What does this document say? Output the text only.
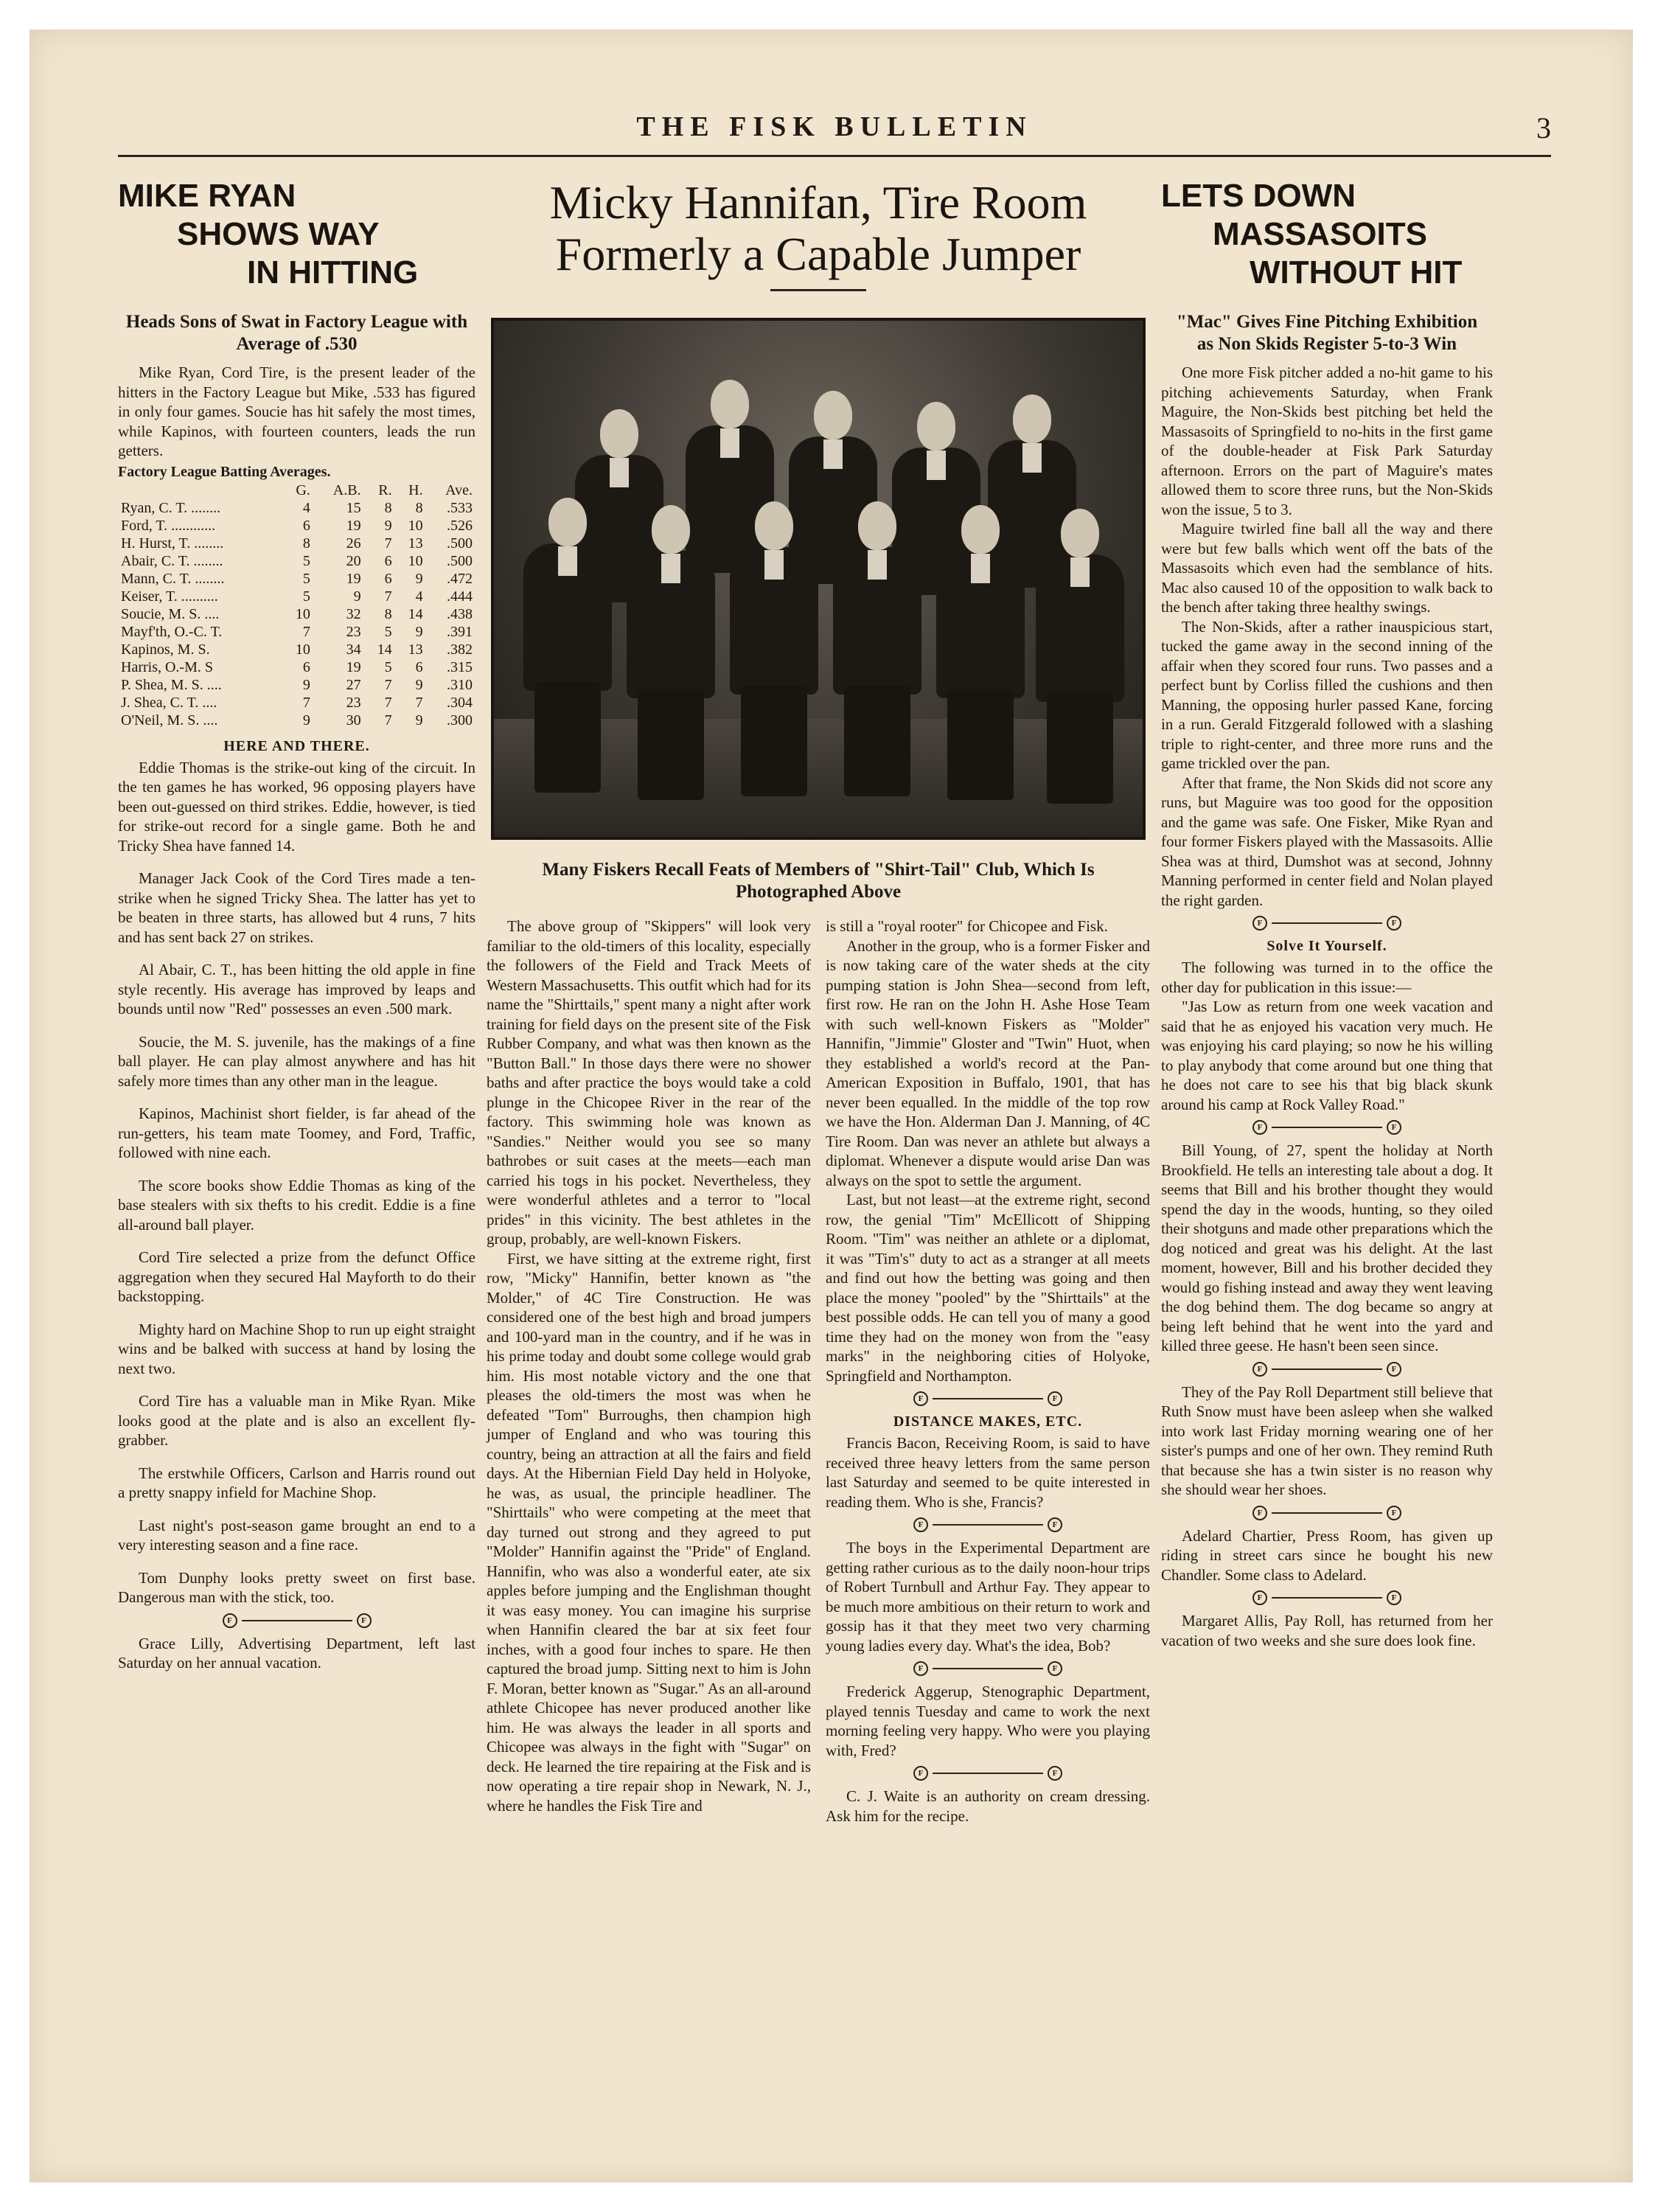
THE FISK BULLETIN	3
MIKE RYAN
SHOWS WAY
IN HITTING
Heads Sons of Swat in Factory League with Average of .530

Mike Ryan, Cord Tire, is the present leader of the hitters in the Factory League but Mike, .533 has figured in only four games. Soucie has hit safely the most times, while Kapinos, with fourteen counters, leads the run getters.

Factory League Batting Averages.
	G.	A.B.	R.	H.	Ave.
Ryan, C. T. ........	4	15	8	8	.533
Ford, T. ............	6	19	9	10	.526
H. Hurst, T. ........	8	26	7	13	.500
Abair, C. T. ........	5	20	6	10	.500
Mann, C. T. ........	5	19	6	9	.472
Keiser, T. ..........	5	9	7	4	.444
Soucie, M. S. ....	10	32	8	14	.438
Mayf'th, O.-C. T.	7	23	5	9	.391
Kapinos, M. S.	10	34	14	13	.382
Harris, O.-M. S	6	19	5	6	.315
P. Shea, M. S. ....	9	27	7	9	.310
J. Shea, C. T. ....	7	23	7	7	.304
O'Neil, M. S. ....	9	30	7	9	.300
HERE AND THERE.

Eddie Thomas is the strike-out king of the circuit. In the ten games he has worked, 96 opposing players have been out-guessed on third strikes. Eddie, however, is tied for strike-out record for a single game. Both he and Tricky Shea have fanned 14.

Manager Jack Cook of the Cord Tires made a ten-strike when he signed Tricky Shea. The latter has yet to be beaten in three starts, has allowed but 4 runs, 7 hits and has sent back 27 on strikes.

Al Abair, C. T., has been hitting the old apple in fine style recently. His average has improved by leaps and bounds until now "Red" possesses an even .500 mark.

Soucie, the M. S. juvenile, has the makings of a fine ball player. He can play almost anywhere and has hit safely more times than any other man in the league.

Kapinos, Machinist short fielder, is far ahead of the run-getters, his team mate Toomey, and Ford, Traffic, followed with nine each.

The score books show Eddie Thomas as king of the base stealers with six thefts to his credit. Eddie is a fine all-around ball player.

Cord Tire selected a prize from the defunct Office aggregation when they secured Hal Mayforth to do their backstopping.

Mighty hard on Machine Shop to run up eight straight wins and be balked with success at hand by losing the next two.

Cord Tire has a valuable man in Mike Ryan. Mike looks good at the plate and is also an excellent fly-grabber.

The erstwhile Officers, Carlson and Harris round out a pretty snappy infield for Machine Shop.

Last night's post-season game brought an end to a very interesting season and a fine race.

Tom Dunphy looks pretty sweet on first base. Dangerous man with the stick, too.

F	F

Grace Lilly, Advertising Department, left last Saturday on her annual vacation.

Micky Hannifan, Tire Room
Formerly a Capable Jumper
Many Fiskers Recall Feats of Members of "Shirt-Tail" Club, Which Is Photographed Above

The above group of "Skippers" will look very familiar to the old-timers of this locality, especially the followers of the Field and Track Meets of Western Massachusetts. This outfit which had for its name the "Shirttails," spent many a night after work training for field days on the present site of the Fisk Rubber Company, and what was then known as the "Button Ball." In those days there were no shower baths and after practice the boys would take a cold plunge in the Chicopee River in the rear of the factory. This swimming hole was known as "Sandies." Neither would you see so many bathrobes or suit cases at the meets—each man carried his togs in his pocket. Nevertheless, they were wonderful athletes and a terror to "local prides" in this vicinity. The best athletes in the group, probably, are well-known Fiskers.

First, we have sitting at the extreme right, first row, "Micky" Hannifin, better known as "the Molder," of 4C Tire Construction. He was considered one of the best high and broad jumpers and 100-yard man in the country, and if he was in his prime today and doubt some college would grab him. His most notable victory and the one that pleases the old-timers the most was when he defeated "Tom" Burroughs, then champion high jumper of England and who was touring this country, being an attraction at all the fairs and field days. At the Hibernian Field Day held in Holyoke, he was, as usual, the principle headliner. The "Shirttails" who were competing at the meet that day turned out strong and they agreed to put "Molder" Hannifin against the "Pride" of England. Hannifin, who was also a wonderful eater, ate six apples before jumping and the Englishman thought it was easy money. You can imagine his surprise when Hannifin cleared the bar at six feet four inches, with a good four inches to spare. He then captured the broad jump. Sitting next to him is John F. Moran, better known as "Sugar." As an all-around athlete Chicopee has never produced another like him. He was always the leader in all sports and Chicopee was always in the fight with "Sugar" on deck. He learned the tire repairing at the Fisk and is now operating a tire repair shop in Newark, N. J., where he handles the Fisk Tire and

is still a "royal rooter" for Chicopee and Fisk.

Another in the group, who is a former Fisker and is now taking care of the water sheds at the city pumping station is John Shea—second from left, first row. He ran on the John H. Ashe Hose Team with such well-known Fiskers as "Molder" Hannifin, "Jimmie" Gloster and "Twin" Huot, when they established a world's record at the Pan-American Exposition in Buffalo, 1901, that has never been equalled. In the middle of the top row we have the Hon. Alderman Dan J. Manning, of 4C Tire Room. Dan was never an athlete but always a diplomat. Whenever a dispute would arise Dan was always on the spot to settle the argument.

Last, but not least—at the extreme right, second row, the genial "Tim" McEllicott of Shipping Room. "Tim" was neither an athlete or a diplomat, it was "Tim's" duty to act as a stranger at all meets and find out how the betting was going and then place the money "pooled" by the "Shirttails" at the best possible odds. He can tell you of many a good time they had on the money won from the "easy marks" in the neighboring cities of Holyoke, Springfield and Northampton.

F	F
DISTANCE MAKES, ETC.

Francis Bacon, Receiving Room, is said to have received three heavy letters from the same person last Saturday and seemed to be quite interested in reading them. Who is she, Francis?

F	F

The boys in the Experimental Department are getting rather curious as to the daily noon-hour trips of Robert Turnbull and Arthur Fay. They appear to be much more ambitious on their return to work and gossip has it that they meet two very charming young ladies every day. What's the idea, Bob?

F	F

Frederick Aggerup, Stenographic Department, played tennis Tuesday and came to work the next morning feeling very happy. Who were you playing with, Fred?

F	F

C. J. Waite is an authority on cream dressing. Ask him for the recipe.

LETS DOWN
MASSASOITS
WITHOUT HIT
"Mac" Gives Fine Pitching Exhibition as Non Skids Register 5-to-3 Win

One more Fisk pitcher added a no-hit game to his pitching achievements Saturday, when Frank Maguire, the Non-Skids best pitching bet held the Massasoits of Springfield to no-hits in the first game of the double-header at Fisk Park Saturday afternoon. Errors on the part of Maguire's mates allowed them to score three runs, but the Non-Skids won the issue, 5 to 3.

Maguire twirled fine ball all the way and there were but few balls which went off the bats of the Massasoits which even had the semblance of hits. Mac also caused 10 of the opposition to walk back to the bench after taking three healthy swings.

The Non-Skids, after a rather inauspicious start, tucked the game away in the second inning of the affair when they scored four runs. Two passes and a perfect bunt by Corliss filled the cushions and then Manning, the opposing hurler passed Kane, forcing in a run. Gerald Fitzgerald followed with a slashing triple to right-center, and three more runs and the game trickled over the pan.

After that frame, the Non Skids did not score any runs, but Maguire was too good for the opposition and the game was safe. One Fisker, Mike Ryan and four former Fiskers played with the Massasoits. Allie Shea was at third, Dumshot was at second, Johnny Manning performed in center field and Nolan played the right garden.

F	F
Solve It Yourself.

The following was turned in to the office the other day for publication in this issue:—

"Jas Low as return from one week vacation and said that he as enjoyed his vacation very much. He was enjoying his card playing; so now he his willing to play anybody that come around but one thing that he does not care to see his that big black skunk around his camp at Rock Valley Road."

F	F

Bill Young, of 27, spent the holiday at North Brookfield. He tells an interesting tale about a dog. It seems that Bill and his brother thought they would spend the day in the woods, hunting, so they oiled their shotguns and made other preparations which the dog noticed and great was his delight. At the last moment, however, Bill and his brother decided they would go fishing instead and away they went leaving the dog behind them. The dog became so angry at being left behind that he went into the yard and killed three geese. He hasn't been seen since.

F	F

They of the Pay Roll Department still believe that Ruth Snow must have been asleep when she walked into work last Friday morning wearing one of her sister's pumps and one of her own. They remind Ruth that because she has a twin sister is no reason why she should wear her shoes.

F	F

Adelard Chartier, Press Room, has given up riding in street cars since he bought his new Chandler. Some class to Adelard.

F	F

Margaret Allis, Pay Roll, has returned from her vacation of two weeks and she sure does look fine.
